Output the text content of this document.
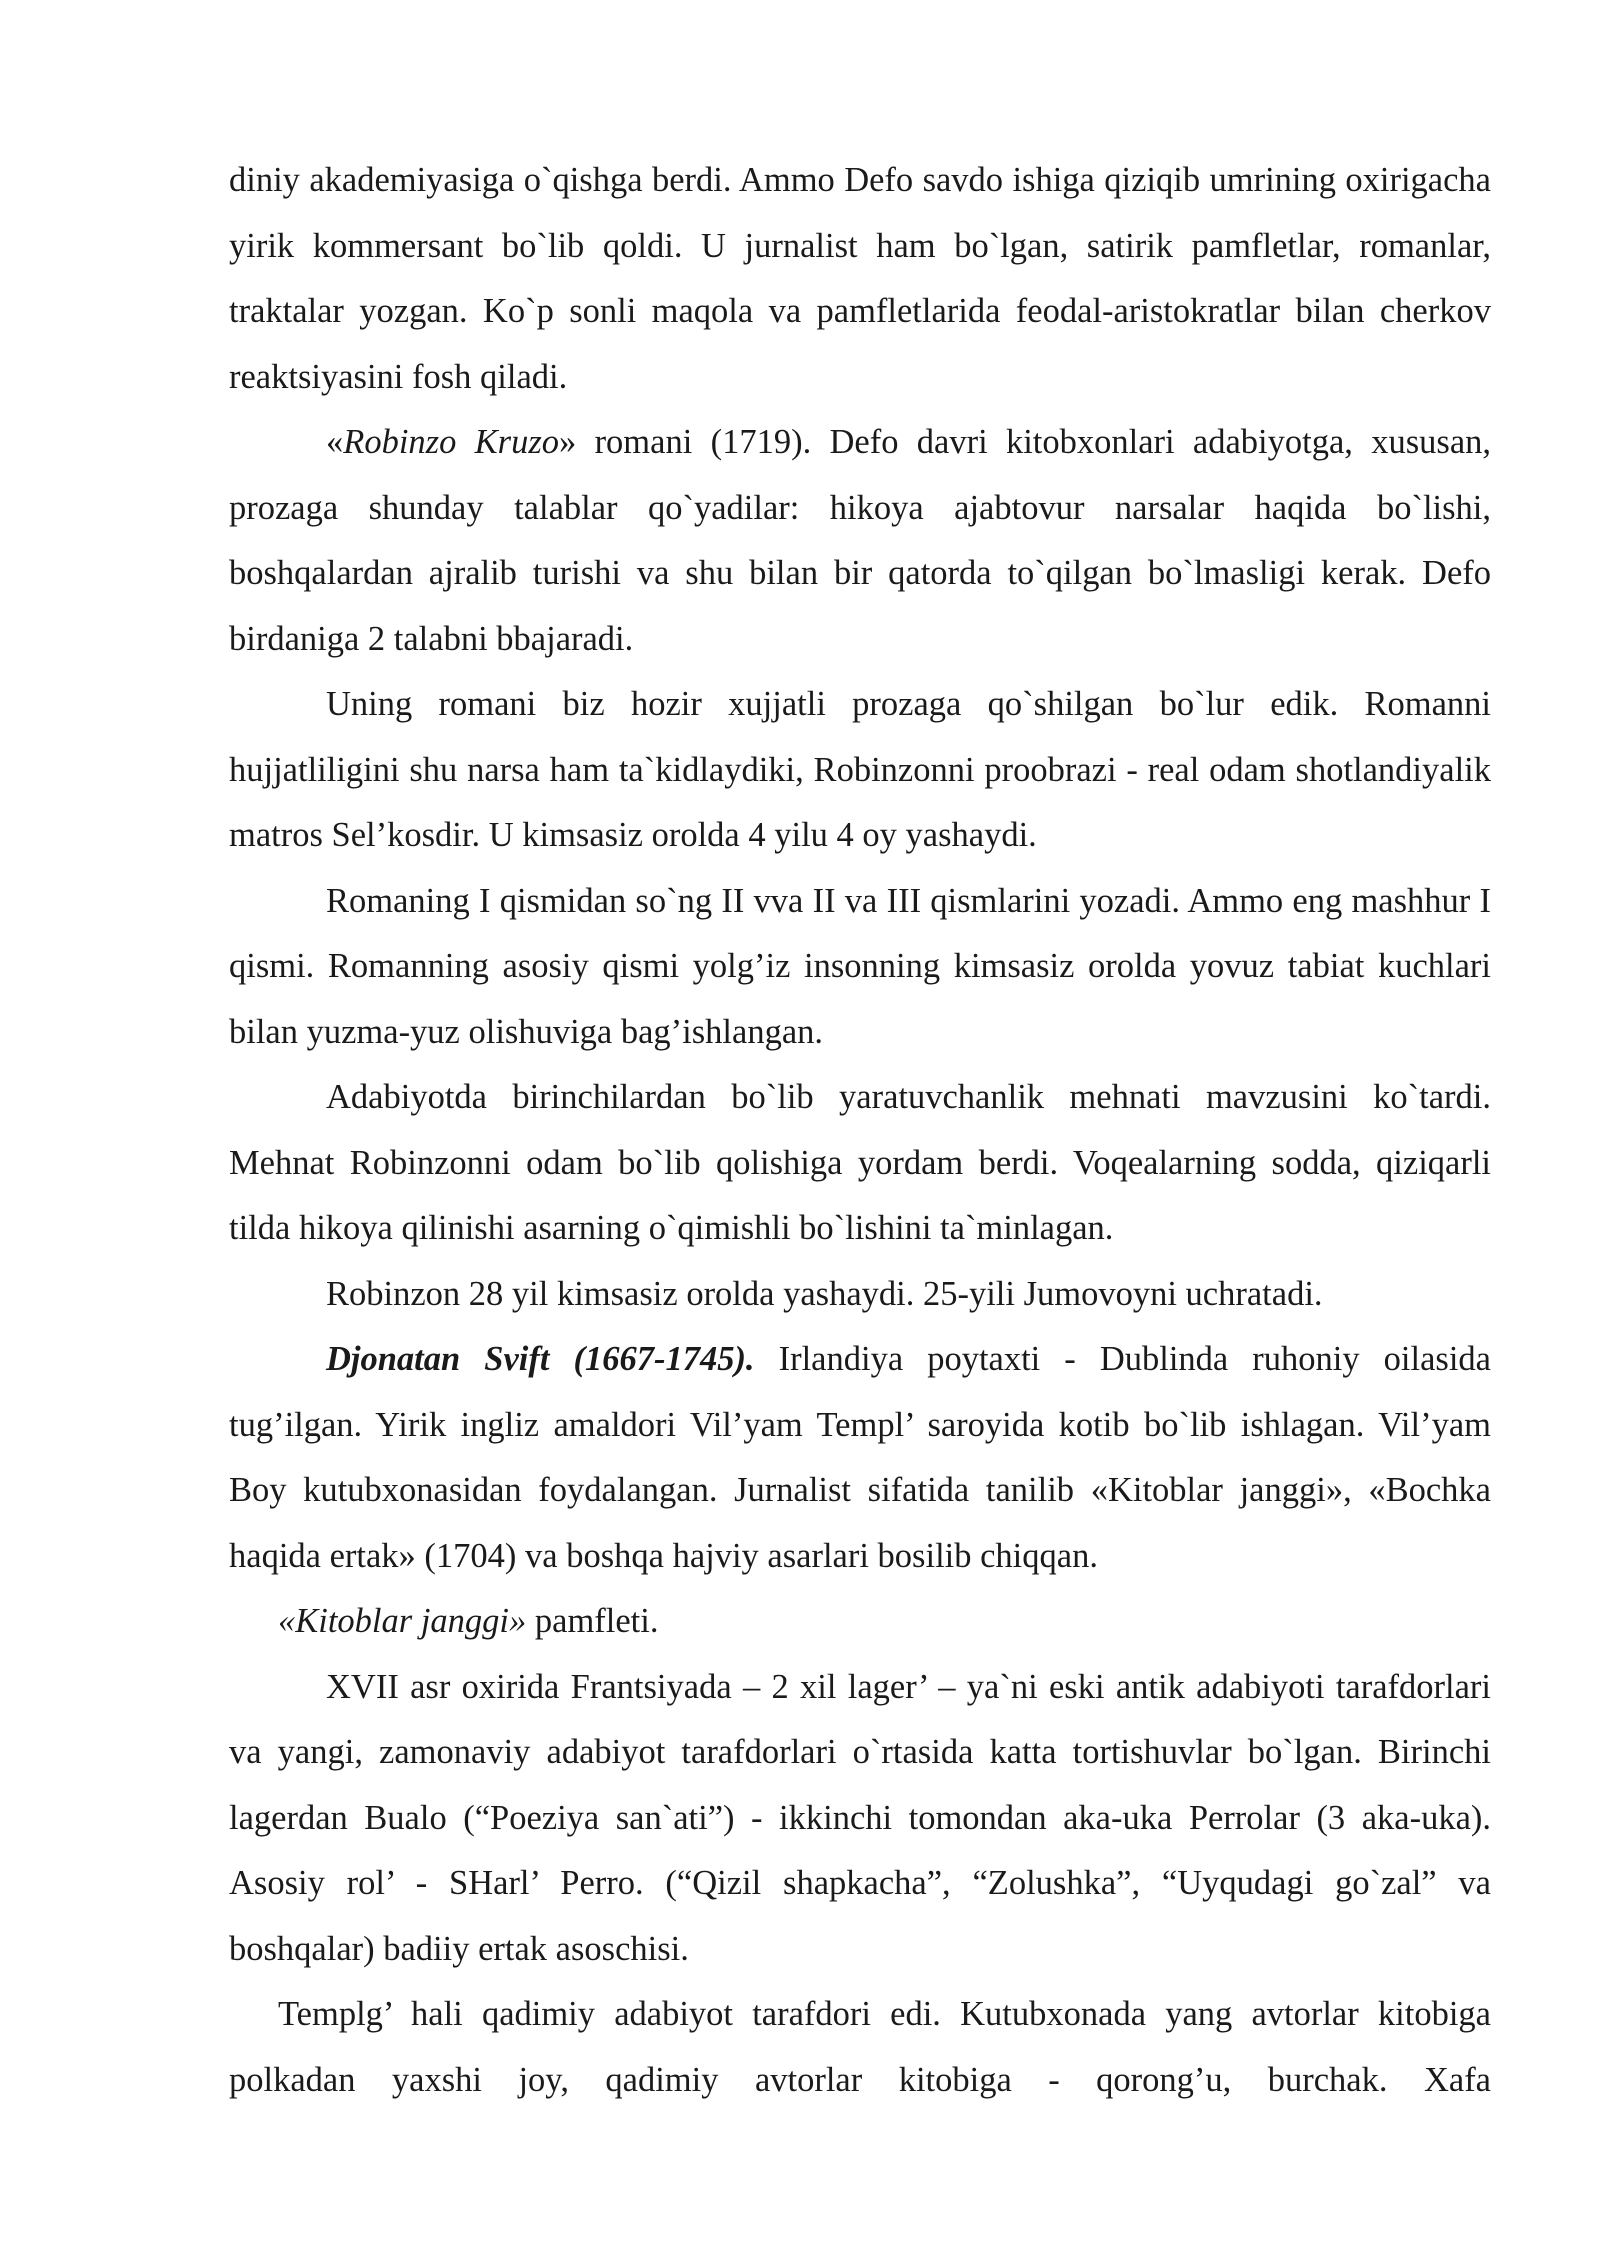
diniy akademiyasiga o`qishga berdi. Ammo Defo savdo ishiga qiziqib umrining oxirigacha yirik kommersant bo`lib qoldi. U jurnalist ham bo`lgan, satirik pamfletlar, romanlar, traktalar yozgan. Ko`p sonli maqola va pamfletlarida feodal-aristokratlar bilan cherkov reaktsiyasini fosh qiladi.

«Robinzo Kruzo» romani (1719). Defo davri kitobxonlari adabiyotga, xususan, prozaga shunday talablar qo`yadilar: hikoya ajabtovur narsalar haqida bo`lishi, boshqalardan ajralib turishi va shu bilan bir qatorda to`qilgan bo`lmasligi kerak. Defo birdaniga 2 talabni bbajaradi.

Uning romani biz hozir xujjatli prozaga qo`shilgan bo`lur edik. Romanni hujjatliligini shu narsa ham ta`kidlaydiki, Robinzonni proobrazi - real odam shotlandiyalik matros Sel’kosdir. U kimsasiz orolda 4 yilu 4 oy yashaydi.

Romaning I qismidan so`ng II vva II va III qismlarini yozadi. Ammo eng mashhur I qismi. Romanning asosiy qismi yolg’iz insonning kimsasiz orolda yovuz tabiat kuchlari bilan yuzma-yuz olishuviga bag’ishlangan.

Adabiyotda birinchilardan bo`lib yaratuvchanlik mehnati mavzusini ko`tardi. Mehnat Robinzonni odam bo`lib qolishiga yordam berdi. Voqealarning sodda, qiziqarli tilda hikoya qilinishi asarning o`qimishli bo`lishini ta`minlagan.

Robinzon 28 yil kimsasiz orolda yashaydi. 25-yili Jumovoyni uchratadi.

Djonatan Svift (1667-1745). Irlandiya poytaxti - Dublinda ruhoniy oilasida tug’ilgan. Yirik ingliz amaldori Vil’yam Templ’ saroyida kotib bo`lib ishlagan. Vil’yam Boy kutubxonasidan foydalangan. Jurnalist sifatida tanilib «Kitoblar janggi», «Bochka haqida ertak» (1704) va boshqa hajviy asarlari bosilib chiqqan.

«Kitoblar janggi» pamfleti.

XVII asr oxirida Frantsiyada – 2 xil lager’ – ya`ni eski antik adabiyoti tarafdorlari va yangi, zamonaviy adabiyot tarafdorlari o`rtasida katta tortishuvlar bo`lgan. Birinchi lagerdan Bualo (“Poeziya san`ati”) - ikkinchi tomondan aka-uka Perrolar (3 aka-uka). Asosiy rol’ - SHarl’ Perro. (“Qizil shapkacha”, “Zolushka”, “Uyqudagi go`zal” va boshqalar) badiiy ertak asoschisi.

Templg’ hali qadimiy adabiyot tarafdori edi. Kutubxonada yang avtorlar kitobiga polkadan yaxshi joy, qadimiy avtorlar kitobiga - qorong’u, burchak. Xafa
